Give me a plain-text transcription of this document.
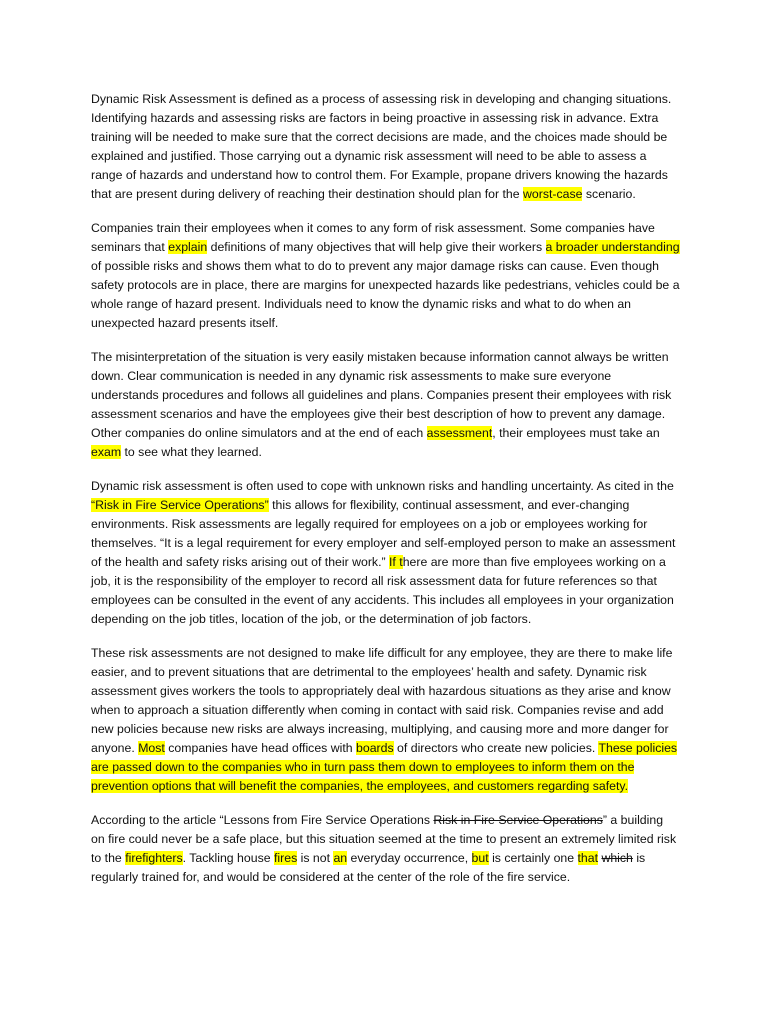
Dynamic Risk Assessment is defined as a process of assessing risk in developing and changing situations. Identifying hazards and assessing risks are factors in being proactive in assessing risk in advance. Extra training will be needed to make sure that the correct decisions are made, and the choices made should be explained and justified. Those carrying out a dynamic risk assessment will need to be able to assess a range of hazards and understand how to control them. For Example, propane drivers knowing the hazards that are present during delivery of reaching their destination should plan for the worst-case scenario.

Companies train their employees when it comes to any form of risk assessment. Some companies have seminars that explain definitions of many objectives that will help give their workers a broader understanding of possible risks and shows them what to do to prevent any major damage risks can cause. Even though safety protocols are in place, there are margins for unexpected hazards like pedestrians, vehicles could be a whole range of hazard present. Individuals need to know the dynamic risks and what to do when an unexpected hazard presents itself.

The misinterpretation of the situation is very easily mistaken because information cannot always be written down. Clear communication is needed in any dynamic risk assessments to make sure everyone understands procedures and follows all guidelines and plans. Companies present their employees with risk assessment scenarios and have the employees give their best description of how to prevent any damage. Other companies do online simulators and at the end of each assessment, their employees must take an exam to see what they learned.

Dynamic risk assessment is often used to cope with unknown risks and handling uncertainty. As cited in the “Risk in Fire Service Operations” this allows for flexibility, continual assessment, and ever-changing environments. Risk assessments are legally required for employees on a job or employees working for themselves. “It is a legal requirement for every employer and self-employed person to make an assessment of the health and safety risks arising out of their work.” If there are more than five employees working on a job, it is the responsibility of the employer to record all risk assessment data for future references so that employees can be consulted in the event of any accidents. This includes all employees in your organization depending on the job titles, location of the job, or the determination of job factors.

These risk assessments are not designed to make life difficult for any employee, they are there to make life easier, and to prevent situations that are detrimental to the employees’ health and safety. Dynamic risk assessment gives workers the tools to appropriately deal with hazardous situations as they arise and know when to approach a situation differently when coming in contact with said risk. Companies revise and add new policies because new risks are always increasing, multiplying, and causing more and more danger for anyone. Most companies have head offices with boards of directors who create new policies. These policies are passed down to the companies who in turn pass them down to employees to inform them on the prevention options that will benefit the companies, the employees, and customers regarding safety.

According to the article “Lessons from Fire Service Operations Risk in Fire Service Operations” a building on fire could never be a safe place, but this situation seemed at the time to present an extremely limited risk to the firefighters. Tackling house fires is not an everyday occurrence, but is certainly one that which is regularly trained for, and would be considered at the center of the role of the fire service.
